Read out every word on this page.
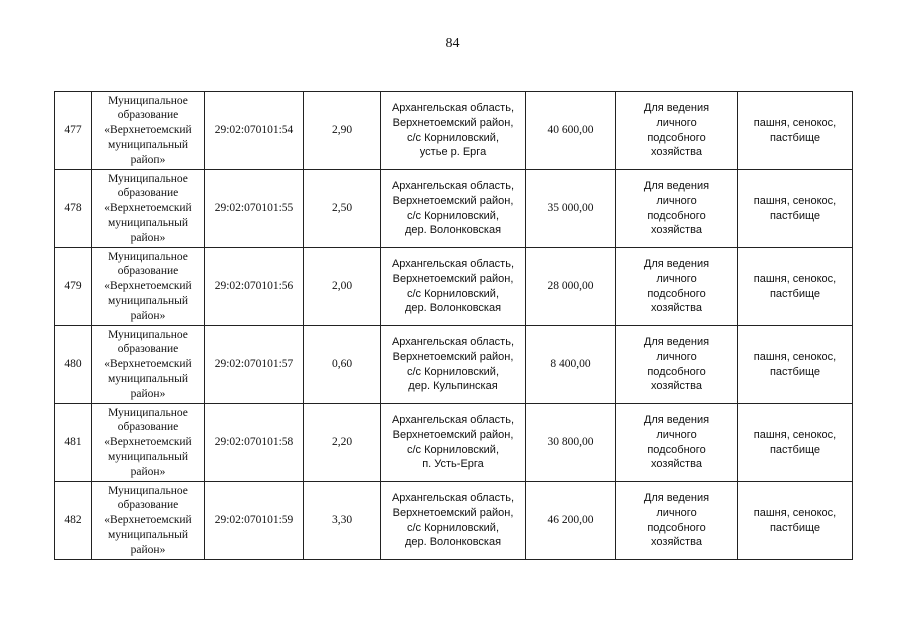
84
477	Муниципальное
образование
«Верхнетоемский
муниципальный
райоп»	29:02:070101:54	2,90	Архангельская область,
Верхнетоемский район,
с/с Корниловский,
устье р. Ерга	40 600,00	Для ведения
личного
подсобного
хозяйства	пашня, сенокос,
пастбище
478	Муниципальное
образование
«Верхнетоемский
муниципальный
район»	29:02:070101:55	2,50	Архангельская область,
Верхнетоемский район,
с/с Корниловский,
дер. Волонковская	35 000,00	Для ведения
личного
подсобного
хозяйства	пашня, сенокос,
пастбище
479	Муниципальное
образование
«Верхнетоемский
муниципальный
район»	29:02:070101:56	2,00	Архангельская область,
Верхнетоемский район,
с/с Корниловский,
дер. Волонковская	28 000,00	Для ведения
личного
подсобного
хозяйства	пашня, сенокос,
пастбище
480	Муниципальное
образование
«Верхнетоемский
муниципальный
район»	29:02:070101:57	0,60	Архангельская область,
Верхнетоемский район,
с/с Корниловский,
дер. Кульпинская	8 400,00	Для ведения
личного
подсобного
хозяйства	пашня, сенокос,
пастбище
481	Муниципальное
образование
«Верхнетоемский
муниципальный
район»	29:02:070101:58	2,20	Архангельская область,
Верхнетоемский район,
с/с Корниловский,
п. Усть-Ерга	30 800,00	Для ведения
личного
подсобного
хозяйства	пашня, сенокос,
пастбище
482	Муниципальное
образование
«Верхнетоемский
муниципальный
район»	29:02:070101:59	3,30	Архангельская область,
Верхнетоемский район,
с/с Корниловский,
дер. Волонковская	46 200,00	Для ведения
личного
подсобного
хозяйства	пашня, сенокос,
пастбище
